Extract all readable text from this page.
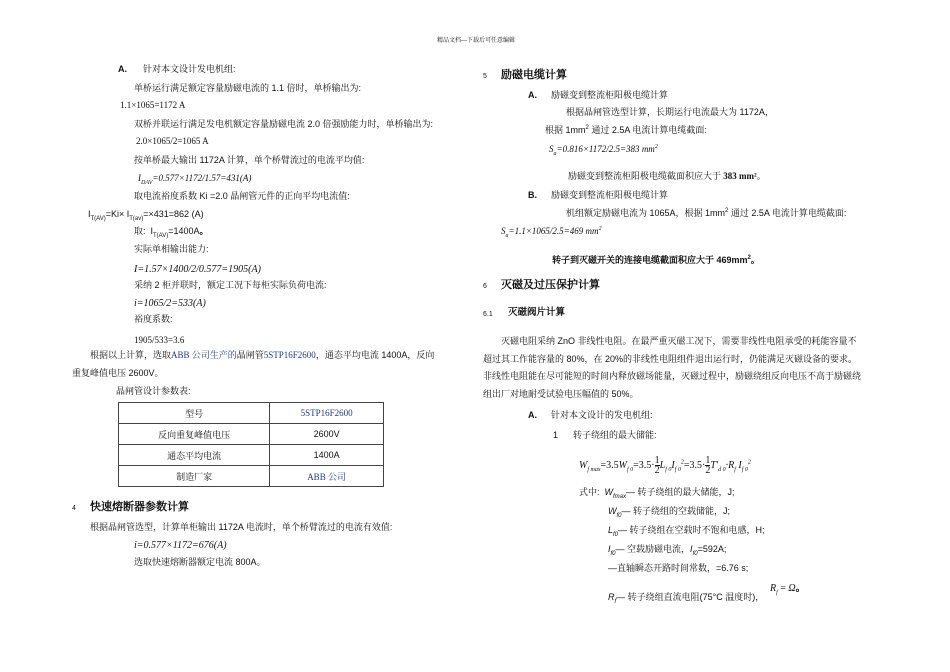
精品文档---下载后可任意编辑
A. 针对本文设计发电机组:
单桥运行满足额定容量励磁电流的 1.1 倍时，单桥输出为:
1.1×1065=1172 A
双桥并联运行满足发电机额定容量励磁电流 2.0 倍强励能力时，单桥输出为:
2.0×1065/2=1065 A
按单桥最大输出 1172A 计算，单个桥臂流过的电流平均值:
$I_{DAV}=0.577\times 1172/1.57=431(A)$
取电流裕度系数 Ki =2.0 晶闸管元件的正向平均电流值:
$I_{T(AV)}=Ki\times I_{T(av)}=\times 431=862$ (A)
取:  $I_{T(AV)}=1400A$。
实际单相输出能力:
I=1.57×1400/2/0.577=1905(A)
采纳 2 柜并联时，额定工况下每柜实际负荷电流:
i=1065/2=533(A)
裕度系数:
1905/533=3.6
根据以上计算，选取ABB 公司生产的晶闸管5STP16F2600，通态平均电流 1400A，反向
重复峰值电压 2600V。
晶闸管设计参数表:
型号	5STP16F2600
反向重复峰值电压	2600V
通态平均电流	1400A
制造厂家	ABB 公司
4 快速熔断器参数计算
根据晶闸管选型，计算单柜输出 1172A 电流时，单个桥臂流过的电流有效值:
i=0.577×1172=676(A)
选取快速熔断器额定电流 800A。
5 励磁电缆计算
A. 励磁变到整流柜阳极电缆计算
根据晶闸管选型计算，长期运行电流最大为 1172A，
根据 $1mm^2$ 通过 2.5A 电流计算电缆截面:
$S_a=0.816\times 1172/2.5=383$ $mm^2$
励磁变到整流柜阳极电缆截面积应大于 383 mm²。
B. 励磁变到整流柜阳极电缆计算
机组额定励磁电流为 1065A，根据 $1mm^2$ 通过 2.5A 电流计算电缆截面:
$S_a=1.1\times 1065/2.5=469$ $mm^2$
转子到灭磁开关的连接电缆截面积应大于 $469mm^2$。
6 灭磁及过压保护计算
6.1 灭磁阀片计算
灭磁电阻采纳 ZnO 非线性电阻。在最严重灭磁工况下，需要非线性电阻承受的耗能容量不超过其工作能容量的 80%，在 20%的非线性电阻组件退出运行时，仍能满足灭磁设备的要求。非线性电阻能在尽可能短的时间内释放磁场能量，灭磁过程中，励磁绕组反向电压不高于励磁绕组出厂对地耐受试验电压幅值的 50%。
A. 针对本文设计的发电机组:
1 转子绕组的最大储能:
$W_{f max}=3.5W_{f 0}=3.5\cdot \frac{1}{2} L_{f 0}I_{f 0}^2=3.5\cdot \frac{1}{2} T'_{d 0}\cdot R_f$ $I_{f 0}^2$
式中:  $W_{fmax}—$ 转子绕组的最大储能，J;
$W_{f0}—$ 转子绕组的空载储能，J;
$L_{f0}—$ 转子绕组在空载时不饱和电感，H;
$I_{f0}—$ 空载励磁电流，$I_{f0}=592A$;
—直轴瞬态开路时间常数，=6.76 s;
$R_f—$ 转子绕组直流电阻(75°C 温度时)，
$R_f = \Omega$。
